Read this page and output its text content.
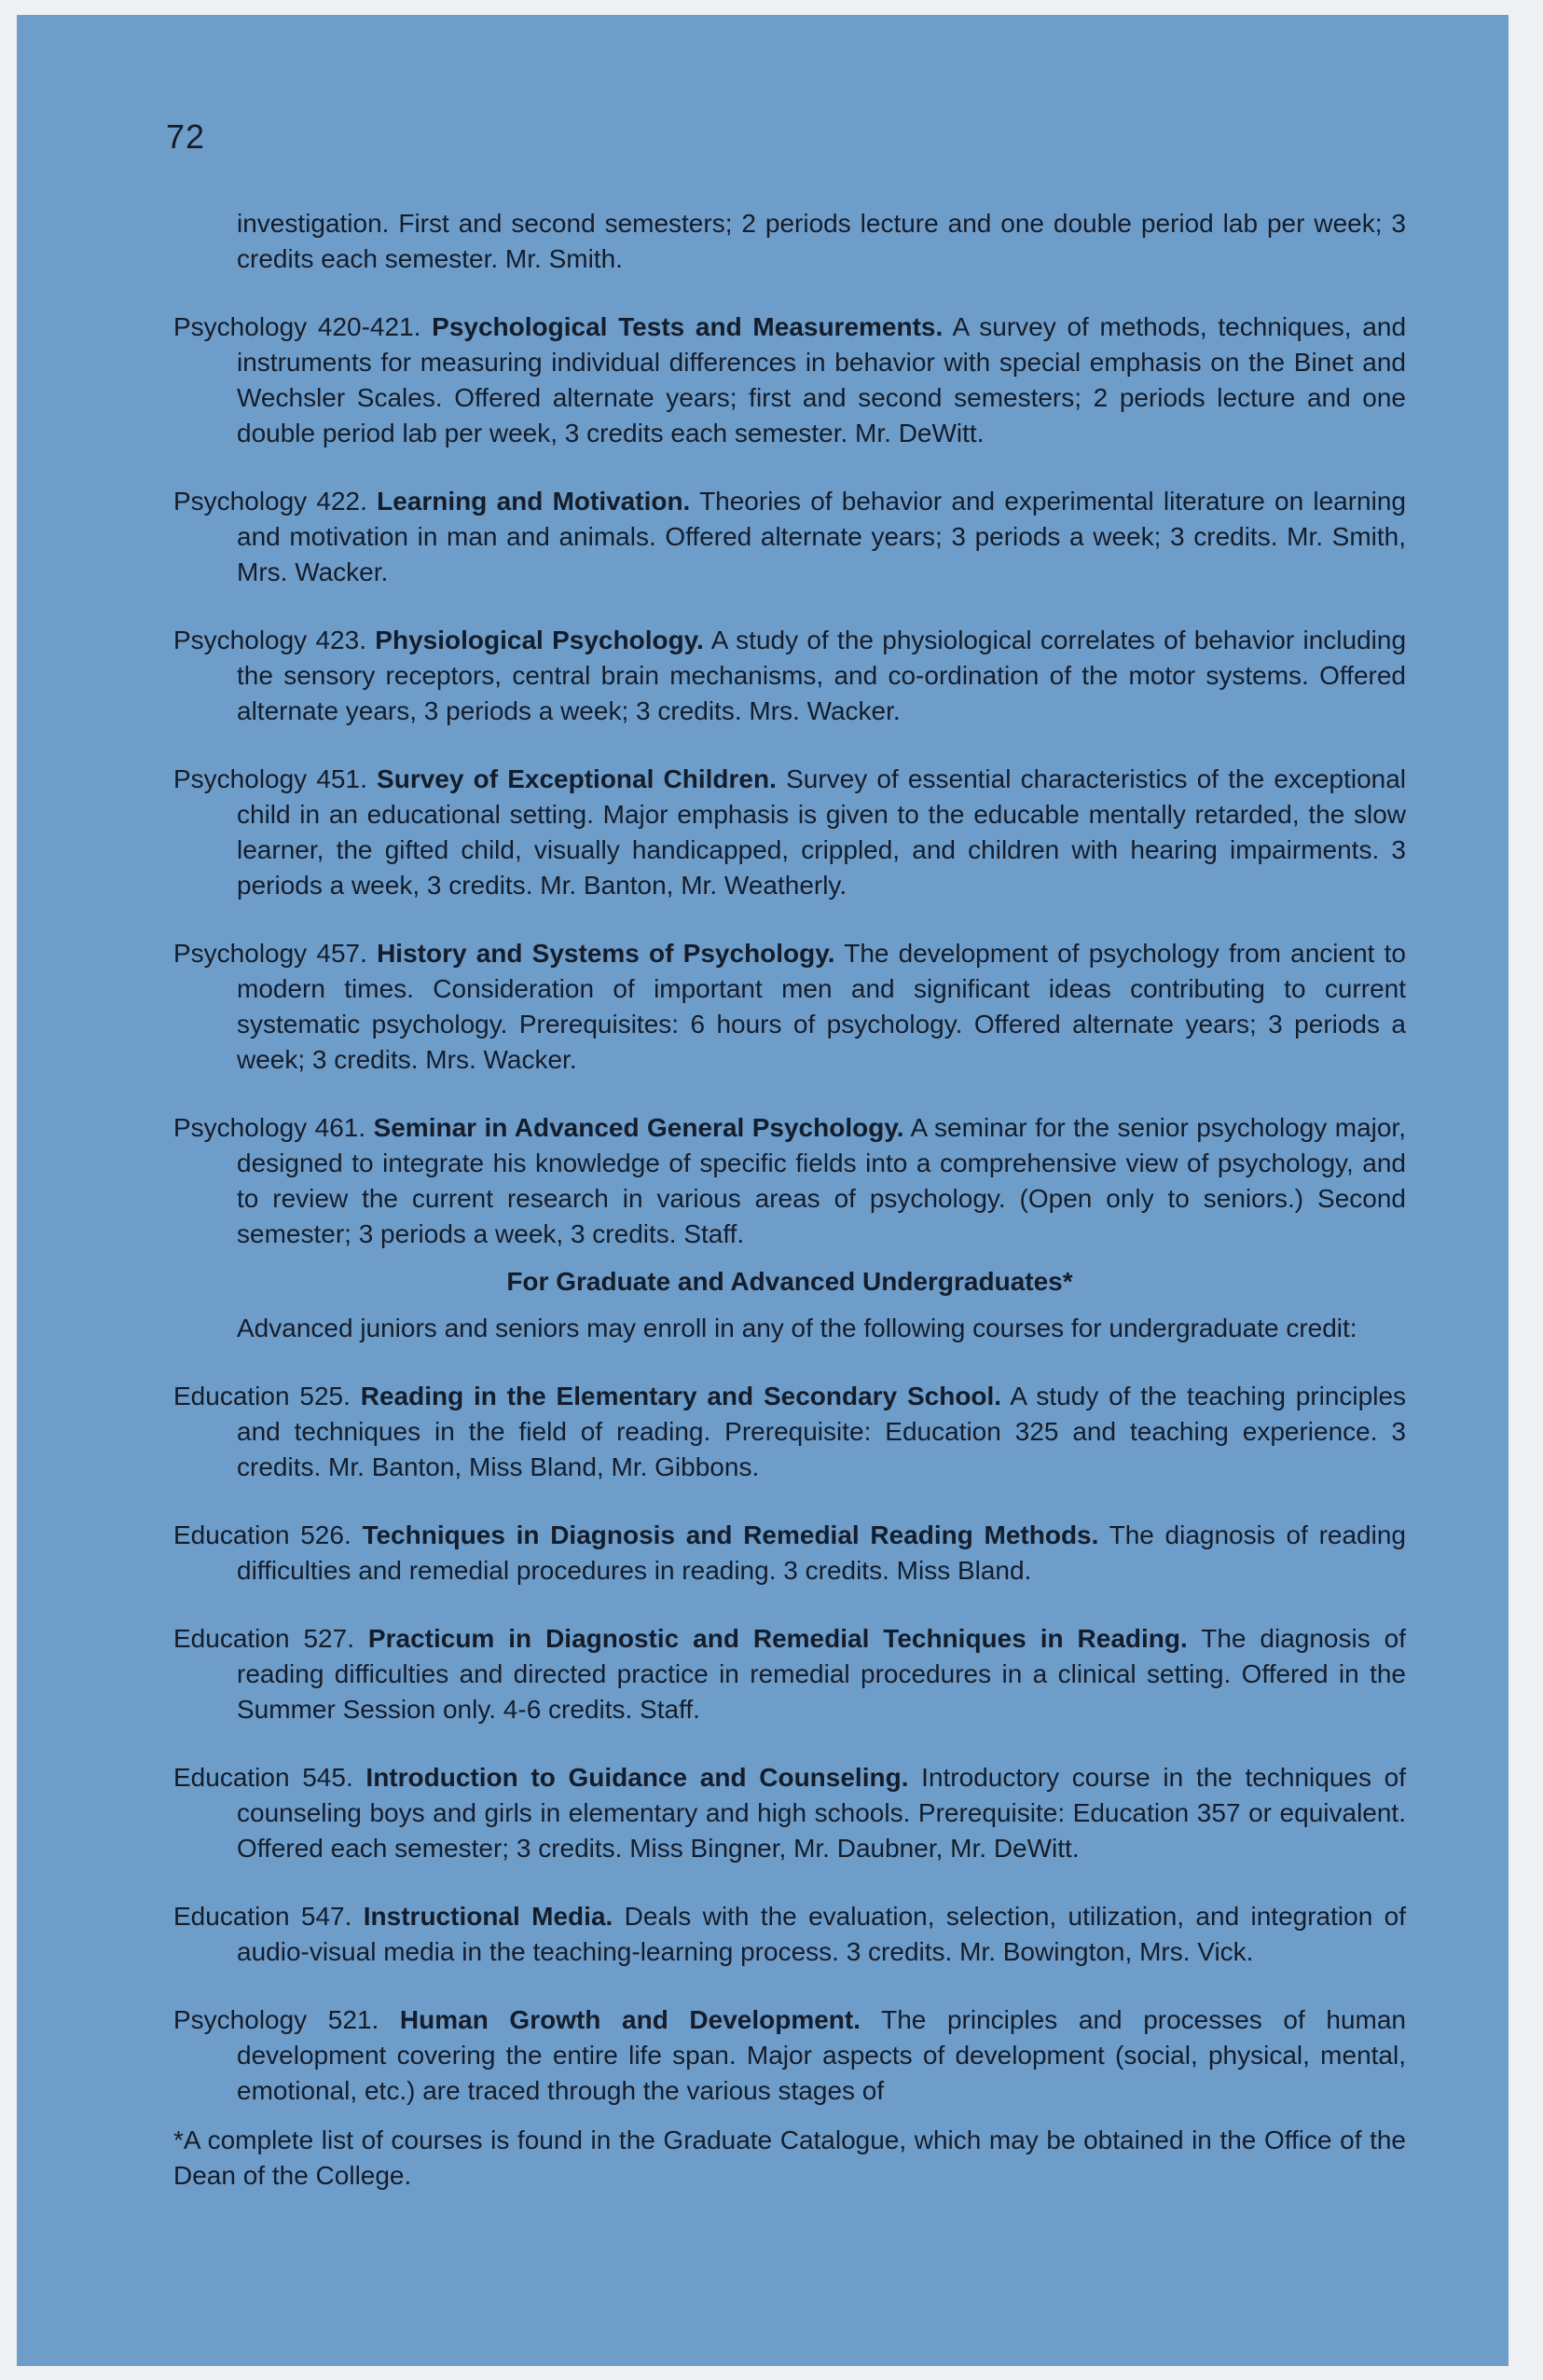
72

investigation. First and second semesters; 2 periods lecture and one double period lab per week; 3 credits each semester. Mr. Smith.

Psychology 420-421. Psychological Tests and Measurements. A survey of methods, techniques, and instruments for measuring individual differences in behavior with special emphasis on the Binet and Wechsler Scales. Offered alternate years; first and second semesters; 2 periods lecture and one double period lab per week, 3 credits each semester. Mr. DeWitt.

Psychology 422. Learning and Motivation. Theories of behavior and experimental literature on learning and motivation in man and animals. Offered alternate years; 3 periods a week; 3 credits. Mr. Smith, Mrs. Wacker.

Psychology 423. Physiological Psychology. A study of the physiological correlates of behavior including the sensory receptors, central brain mechanisms, and co-ordination of the motor systems. Offered alternate years, 3 periods a week; 3 credits. Mrs. Wacker.

Psychology 451. Survey of Exceptional Children. Survey of essential characteristics of the exceptional child in an educational setting. Major emphasis is given to the educable mentally retarded, the slow learner, the gifted child, visually handicapped, crippled, and children with hearing impairments. 3 periods a week, 3 credits. Mr. Banton, Mr. Weatherly.

Psychology 457. History and Systems of Psychology. The development of psychology from ancient to modern times. Consideration of important men and significant ideas contributing to current systematic psychology. Prerequisites: 6 hours of psychology. Offered alternate years; 3 periods a week; 3 credits. Mrs. Wacker.

Psychology 461. Seminar in Advanced General Psychology. A seminar for the senior psychology major, designed to integrate his knowledge of specific fields into a comprehensive view of psychology, and to review the current research in various areas of psychology. (Open only to seniors.) Second semester; 3 periods a week, 3 credits. Staff.

For Graduate and Advanced Undergraduates*

Advanced juniors and seniors may enroll in any of the following courses for undergraduate credit:

Education 525. Reading in the Elementary and Secondary School. A study of the teaching principles and techniques in the field of reading. Prerequisite: Education 325 and teaching experience. 3 credits. Mr. Banton, Miss Bland, Mr. Gibbons.

Education 526. Techniques in Diagnosis and Remedial Reading Methods. The diagnosis of reading difficulties and remedial procedures in reading. 3 credits. Miss Bland.

Education 527. Practicum in Diagnostic and Remedial Techniques in Reading. The diagnosis of reading difficulties and directed practice in remedial procedures in a clinical setting. Offered in the Summer Session only. 4-6 credits. Staff.

Education 545. Introduction to Guidance and Counseling. Introductory course in the techniques of counseling boys and girls in elementary and high schools. Prerequisite: Education 357 or equivalent. Offered each semester; 3 credits. Miss Bingner, Mr. Daubner, Mr. DeWitt.

Education 547. Instructional Media. Deals with the evaluation, selection, utilization, and integration of audio-visual media in the teaching-learning process. 3 credits. Mr. Bowington, Mrs. Vick.

Psychology 521. Human Growth and Development. The principles and processes of human development covering the entire life span. Major aspects of development (social, physical, mental, emotional, etc.) are traced through the various stages of

*A complete list of courses is found in the Graduate Catalogue, which may be obtained in the Office of the Dean of the College.
